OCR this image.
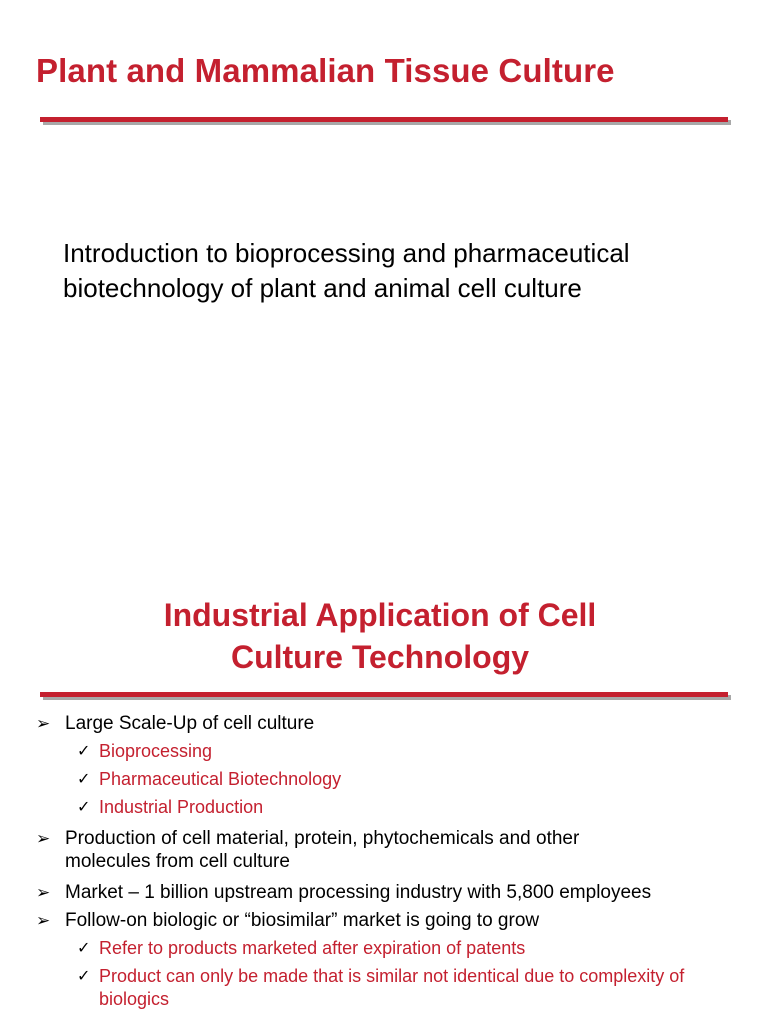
Plant and Mammalian Tissue Culture
Introduction to bioprocessing and pharmaceutical
biotechnology of plant and animal cell culture
Industrial Application of Cell
Culture Technology
➢ Large Scale-Up of cell culture
✓ Bioprocessing
✓ Pharmaceutical Biotechnology
✓ Industrial Production
➢ Production of cell material, protein, phytochemicals and other
molecules from cell culture
➢ Market – 1 billion upstream processing industry with 5,800 employees
➢ Follow-on biologic or “biosimilar” market is going to grow
✓ Refer to products marketed after expiration of patents
✓ Product can only be made that is similar not identical due to complexity of
biologics
